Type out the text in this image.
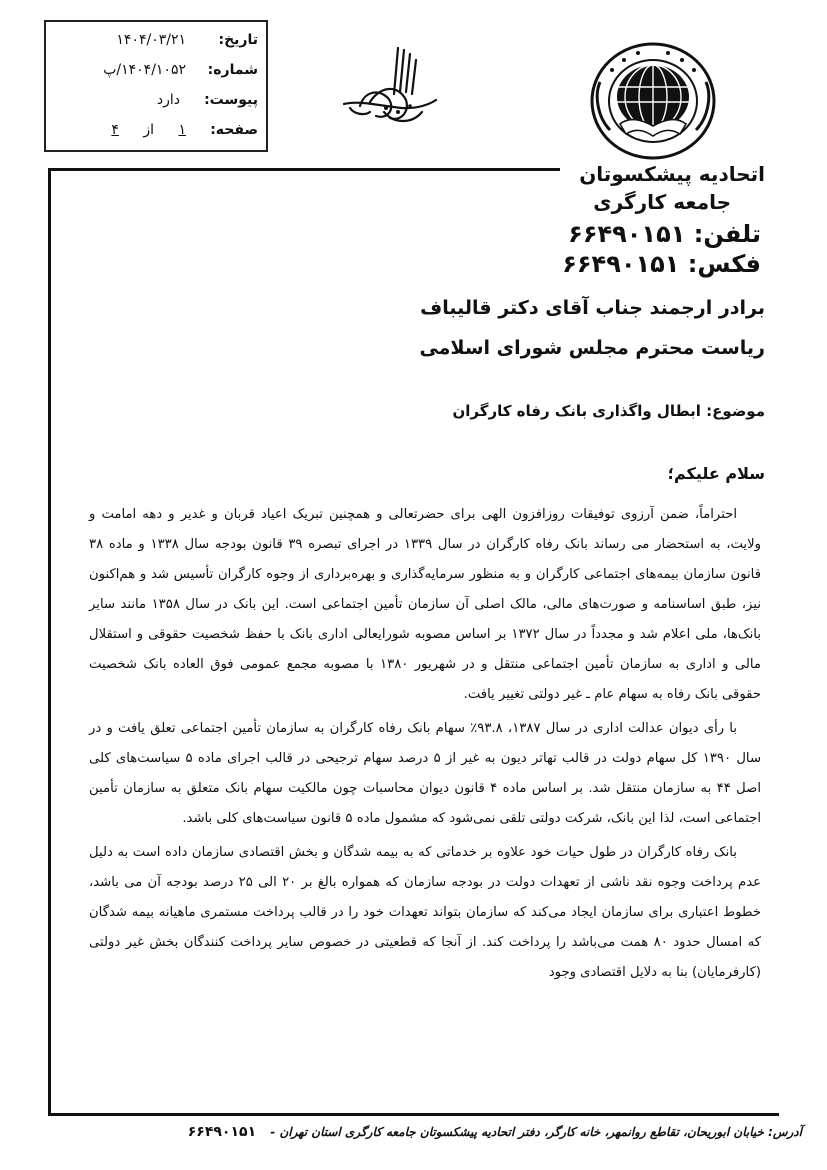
تاریخ:
۱۴۰۴/۰۳/۲۱
شماره:
۱۴۰۴/۱۰۵۲/پ
پیوست:
دارد
صفحه:
۱ از ۴
اتحادیه پیشکسوتان
جامعه کارگری
تلفن: ۶۶۴۹۰۱۵۱
فکس: ۶۶۴۹۰۱۵۱
برادر ارجمند جناب آقای دکتر قالیباف
ریاست محترم مجلس شورای اسلامی
موضوع: ابطال واگذاری بانک رفاه کارگران
سلام علیکم؛

احتراماً، ضمن آرزوی توفیقات روزافزون الهی برای حضرتعالی و همچنین تبریک اعیاد قربان و غدیر و دهه امامت و ولایت، به استحضار می رساند بانک رفاه کارگران در سال ۱۳۳۹ در اجرای تبصره ۳۹ قانون بودجه سال ۱۳۳۸ و ماده ۳۸ قانون سازمان بیمه‌های اجتماعی کارگران و به منظور سرمایه‌گذاری و بهره‌برداری از وجوه کارگران تأسیس شد و هم‌اکنون نیز، طبق اساسنامه و صورت‌های مالی، مالک اصلی آن سازمان تأمین اجتماعی است. این بانک در سال ۱۳۵۸ مانند سایر بانک‌ها، ملی اعلام شد و مجدداً در سال ۱۳۷۲ بر اساس مصوبه شورایعالی اداری بانک با حفظ شخصیت حقوقی و استقلال مالی و اداری به سازمان تأمین اجتماعی منتقل و در شهریور ۱۳۸۰ با مصوبه مجمع عمومی فوق العاده بانک شخصیت حقوقی بانک رفاه به سهام عام ـ غیر دولتی تغییر یافت.

با رأی دیوان عدالت اداری در سال ۱۳۸۷، ۹۳.۸٪ سهام بانک رفاه کارگران به سازمان تأمین اجتماعی تعلق یافت و در سال ۱۳۹۰ کل سهام دولت در قالب تهاتر دیون به غیر از ۵ درصد سهام ترجیحی در قالب اجرای ماده ۵ سیاست‌های کلی اصل ۴۴ به سازمان منتقل شد. بر اساس ماده ۴ قانون دیوان محاسبات چون مالکیت سهام بانک متعلق به سازمان تأمین اجتماعی است، لذا این بانک، شرکت دولتی تلقی نمی‌شود که مشمول ماده ۵ قانون سیاست‌های کلی باشد.

بانک رفاه کارگران در طول حیات خود علاوه بر خدماتی که به بیمه شدگان و بخش اقتصادی سازمان داده است به دلیل عدم پرداخت وجوه نقد ناشی از تعهدات دولت در بودجه سازمان که همواره بالغ بر ۲۰ الی ۲۵ درصد بودجه آن می باشد، خطوط اعتباری برای سازمان ایجاد می‌کند که سازمان بتواند تعهدات خود را در قالب پرداخت مستمری ماهیانه بیمه شدگان که امسال حدود ۸۰ همت می‌باشد را پرداخت کند. از آنجا که قطعیتی در خصوص سایر پرداخت کنندگان بخش غیر دولتی (کارفرمایان) بنا به دلایل اقتصادی وجود

آدرس: خیابان ابوریحان، تقاطع روانمهر، خانه کارگر، دفتر اتحادیه پیشکسوتان جامعه کارگری استان تهران - ۶۶۴۹۰۱۵۱
